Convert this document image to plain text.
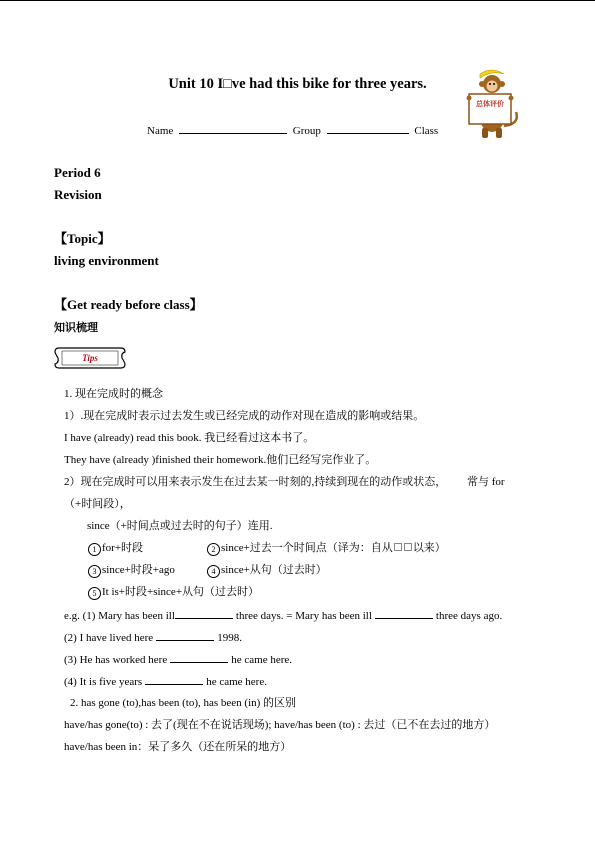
Unit 10 I□ve had this bike for three years.
Name	Group	Class
总体评价
Period 6
Revision
【Topic】
living environment
【Get ready before class】
知识梳理
Tips
1. 现在完成时的概念
1）.现在完成时表示过去发生或已经完成的动作对现在造成的影响或结果。
I have (already) read this book. 我已经看过这本书了。
They have (already )finished their homework.他们已经写完作业了。
2）现在完成时可以用来表示发生在过去某一时刻的,持续到现在的动作或状态， 常与 for
（+时间段），
since（+时间点或过去时的句子）连用.
1 for+时段	2 since+过去一个时间点（译为：自从 以来）
3 since+时段+ago	4 since+从句（过去时）
5 It is+时段+since+从句（过去时）
e.g. (1) Mary has been ill	three days. = Mary has been ill	three days ago.
(2) I have lived here	1998.
(3) He has worked here	he came here.
(4) It is five years	he came here.
2. has gone (to),has been (to), has been (in) 的区别
have/has gone(to) : 去了(现在不在说话现场); have/has been (to) : 去过（已不在去过的地方）
have/has been in：呆了多久（还在所呆的地方）
